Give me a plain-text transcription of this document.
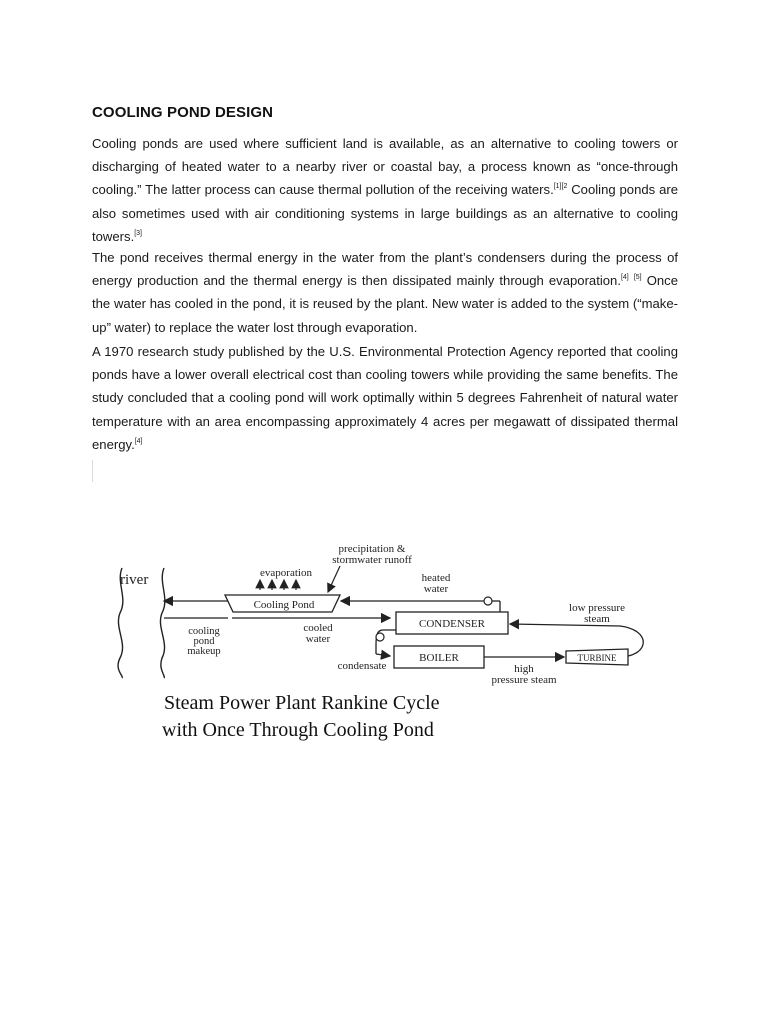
COOLING POND DESIGN

Cooling ponds are used where sufficient land is available, as an alternative to cooling towers or discharging of heated water to a nearby river or coastal bay, a process known as “once-through cooling.” The latter process can cause thermal pollution of the receiving waters.$^{[1][2}$ Cooling ponds are also sometimes used with air conditioning systems in large buildings as an alternative to cooling towers.[3]

The pond receives thermal energy in the water from the plant’s condensers during the process of energy production and the thermal energy is then dissipated mainly through evaporation.[4] [5] Once the water has cooled in the pond, it is reused by the plant. New water is added to the system (“make-up” water) to replace the water lost through evaporation.

A 1970 research study published by the U.S. Environmental Protection Agency reported that cooling ponds have a lower overall electrical cost than cooling towers while providing the same benefits. The study concluded that a cooling pond will work optimally within 5 degrees Fahrenheit of natural water temperature with an area encompassing approximately 4 acres per megawatt of dissipated thermal energy.[4]

river
Cooling Pond
evaporation
precipitation &
stormwater runoff
heated
water
cooled
water
cooling
pond
makeup
CONDENSER
low pressure
steam
condensate
BOILER
high
pressure steam
TURBINE
Steam Power Plant Rankine Cycle
with Once Through Cooling Pond
